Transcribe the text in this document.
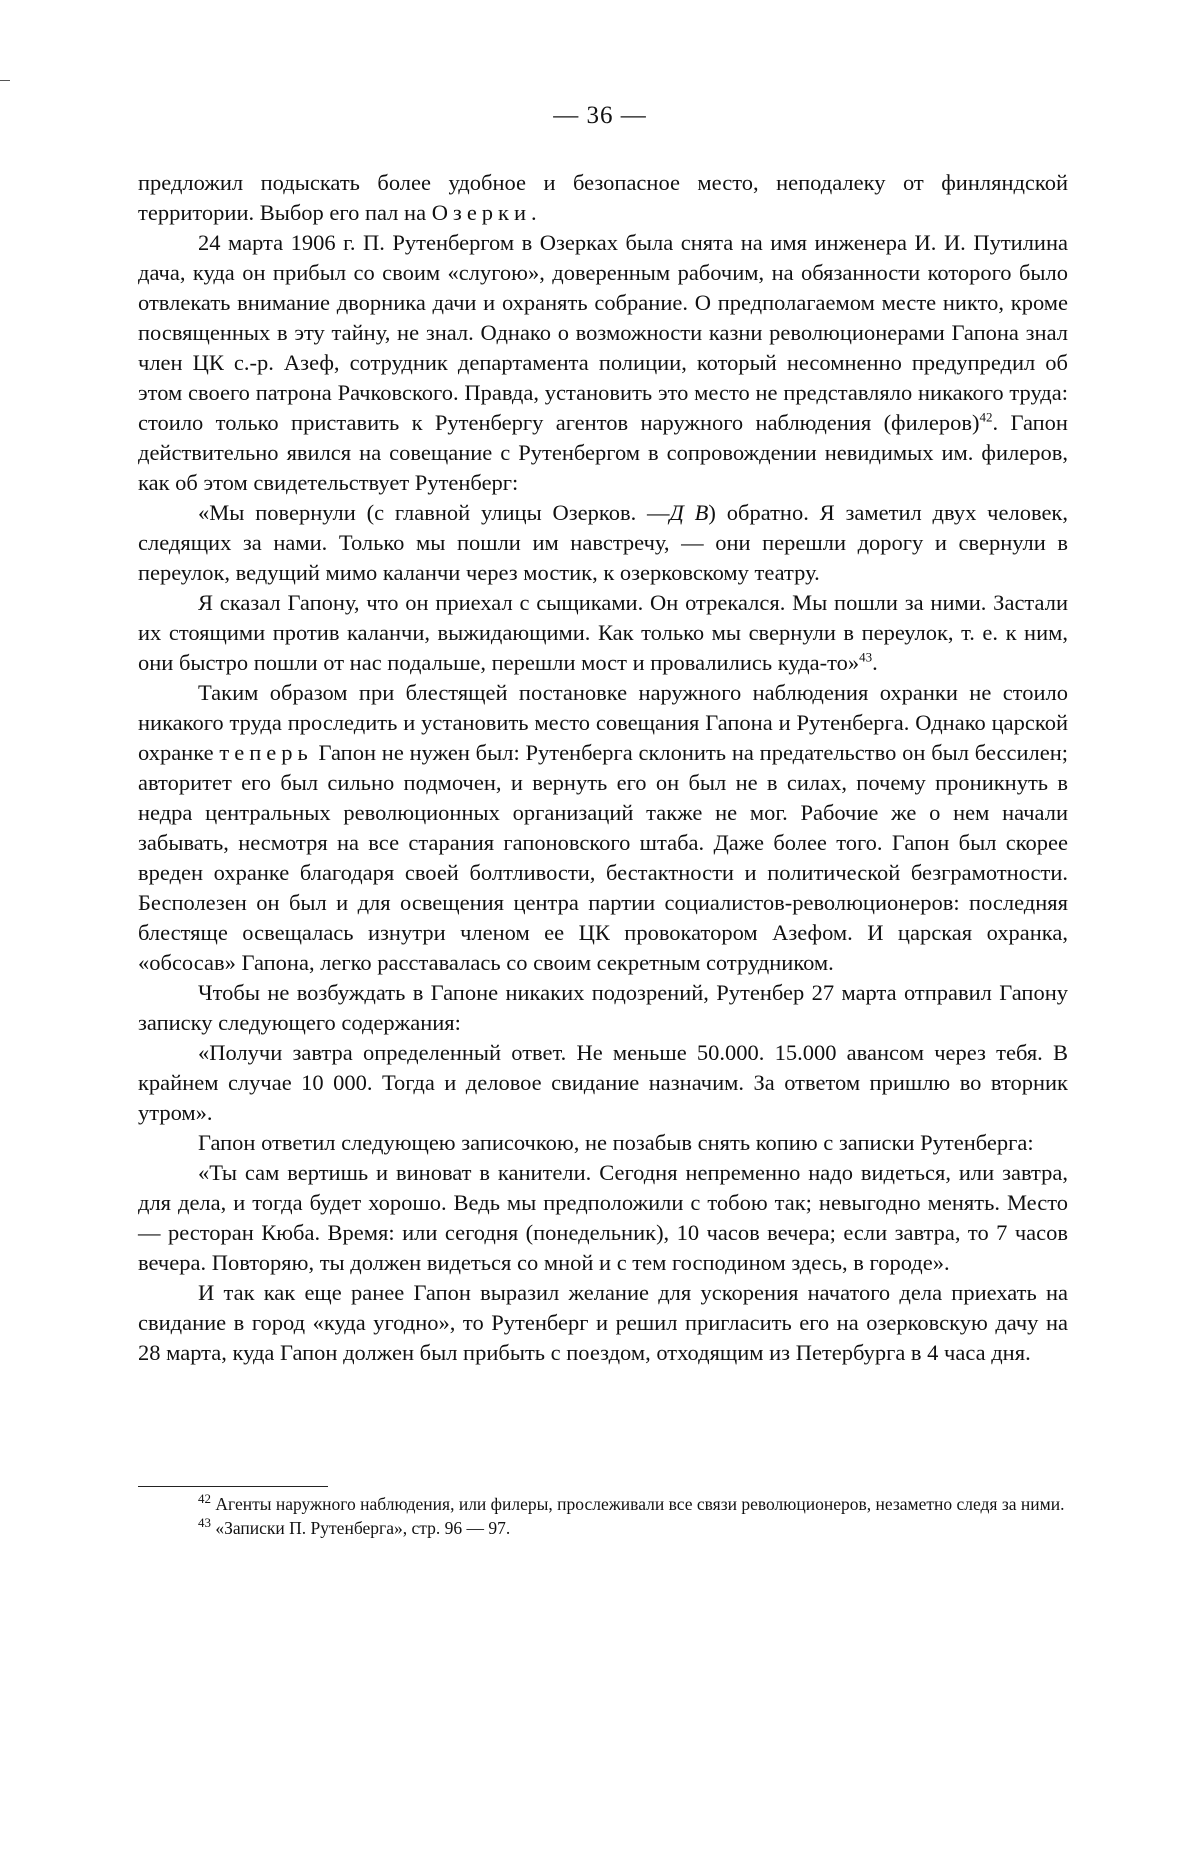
— 36 —

предложил подыскать более удобное и безопасное место, неподалеку от финляндской территории. Выбор его пал на Озерки.

24 марта 1906 г. П. Рутенбергом в Озерках была снята на имя инженера И. И. Путилина дача, куда он прибыл со своим «слугою», доверенным рабочим, на обязанности которого было отвлекать внимание дворника дачи и охранять собрание. О предполагаемом месте никто, кроме посвященных в эту тайну, не знал. Однако о возможности казни революционерами Гапона знал член ЦК с.-р. Азеф, сотрудник департамента полиции, который несомненно предупредил об этом своего патрона Рачковского. Правда, установить это место не представляло никакого труда: стоило только приставить к Рутенбергу агентов наружного наблюдения (филеров)$^{42}$. Гапон действительно явился на совещание с Рутенбергом в сопровождении невидимых им. филеров, как об этом свидетельствует Рутенберг:

«Мы повернули (с главной улицы Озерков. —Д В) обратно. Я заметил двух человек, следящих за нами. Только мы пошли им навстречу, — они перешли дорогу и свернули в переулок, ведущий мимо каланчи через мостик, к озерковскому театру.

Я сказал Гапону, что он приехал с сыщиками. Он отрекался. Мы пошли за ними. Застали их стоящими против каланчи, выжидающими. Как только мы свернули в переулок, т. е. к ним, они быстро пошли от нас подальше, перешли мост и провалились куда-то»$^{43}$.

Таким образом при блестящей постановке наружного наблюдения охранки не стоило никакого труда проследить и установить место совещания Гапона и Рутенберга. Однако царской охранке теперь Гапон не нужен был: Рутенберга склонить на предательство он был бессилен; авторитет его был сильно подмочен, и вернуть его он был не в силах, почему проникнуть в недра центральных революционных организаций также не мог. Рабочие же о нем начали забывать, несмотря на все старания гапоновского штаба. Даже более того. Гапон был скорее вреден охранке благодаря своей болтливости, бестактности и политической безграмотности. Бесполезен он был и для освещения центра партии социалистов-революционеров: последняя блестяще освещалась изнутри членом ее ЦК провокатором Азефом. И царская охранка, «обсосав» Гапона, легко расставалась со своим секретным сотрудником.

Чтобы не возбуждать в Гапоне никаких подозрений, Рутенбер 27 марта отправил Гапону записку следующего содержания:

«Получи завтра определенный ответ. Не меньше 50.000. 15.000 авансом через тебя. В крайнем случае 10 000. Тогда и деловое свидание назначим. За ответом пришлю во вторник утром».

Гапон ответил следующею записочкою, не позабыв снять копию с записки Рутенберга:

«Ты сам вертишь и виноват в канители. Сегодня непременно надо видеться, или завтра, для дела, и тогда будет хорошо. Ведь мы предположили с тобою так; невыгодно менять. Место — ресторан Кюба. Время: или сегодня (понедельник), 10 часов вечера; если завтра, то 7 часов вечера. Повторяю, ты должен видеться со мной и с тем господином здесь, в городе».

И так как еще ранее Гапон выразил желание для ускорения начатого дела приехать на свидание в город «куда угодно», то Рутенберг и решил пригласить его на озерковскую дачу на 28 марта, куда Гапон должен был прибыть с поездом, отходящим из Петербурга в 4 часа дня.

$^{42}$ Агенты наружного наблюдения, или филеры, прослеживали все связи революционеров, незаметно следя за ними.

$^{43}$ «Записки П. Рутенберга», стр. 96 — 97.
